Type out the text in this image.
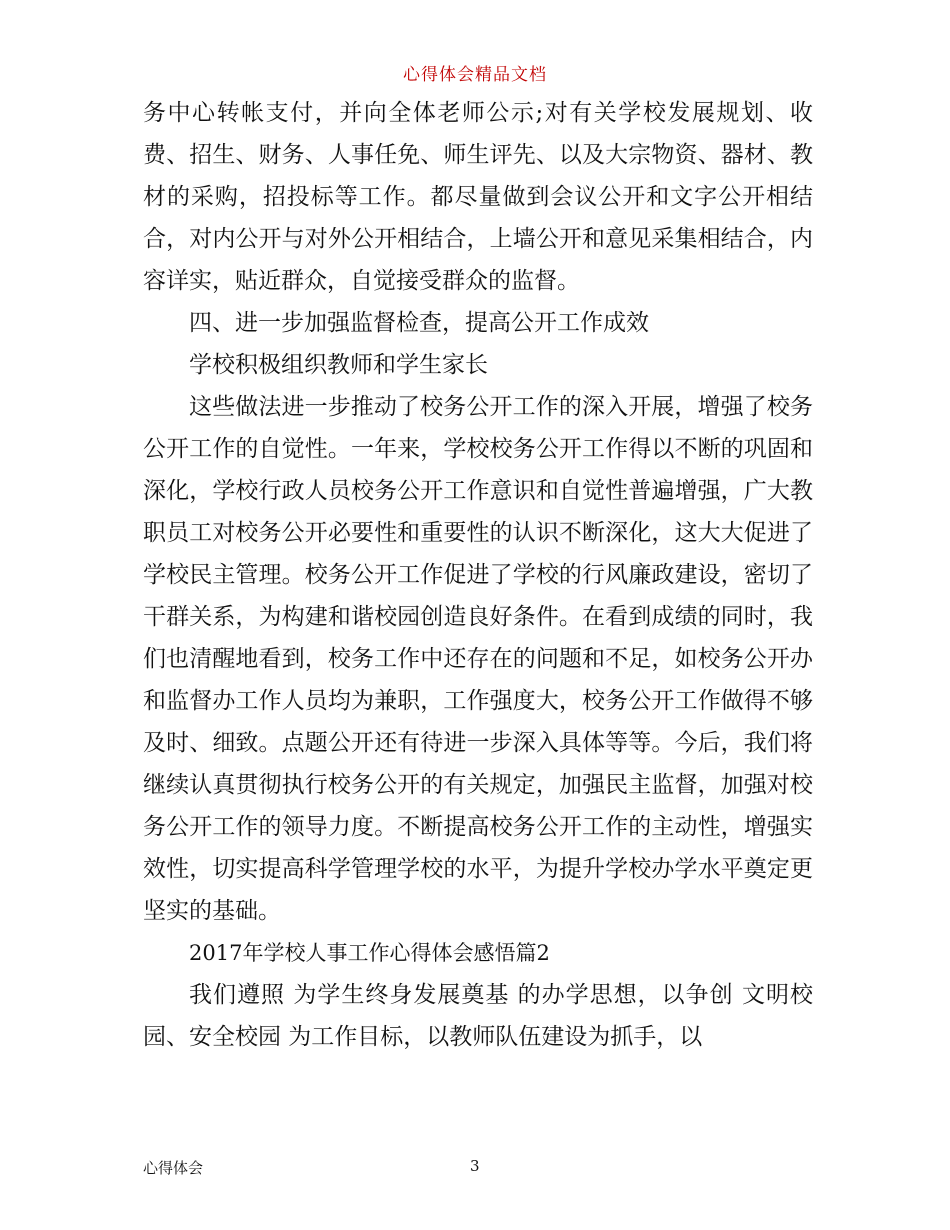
心得体会精品文档

务中心转帐支付，并向全体老师公示;对有关学校发展规划、收费、招生、财务、人事任免、师生评先、以及大宗物资、器材、教材的采购，招投标等工作。都尽量做到会议公开和文字公开相结合，对内公开与对外公开相结合，上墙公开和意见采集相结合，内容详实，贴近群众，自觉接受群众的监督。

四、进一步加强监督检查，提高公开工作成效

学校积极组织教师和学生家长

这些做法进一步推动了校务公开工作的深入开展，增强了校务公开工作的自觉性。一年来，学校校务公开工作得以不断的巩固和深化，学校行政人员校务公开工作意识和自觉性普遍增强，广大教职员工对校务公开必要性和重要性的认识不断深化，这大大促进了学校民主管理。校务公开工作促进了学校的行风廉政建设，密切了干群关系，为构建和谐校园创造良好条件。在看到成绩的同时，我们也清醒地看到，校务工作中还存在的问题和不足，如校务公开办和监督办工作人员均为兼职，工作强度大，校务公开工作做得不够及时、细致。点题公开还有待进一步深入具体等等。今后，我们将继续认真贯彻执行校务公开的有关规定，加强民主监督，加强对校务公开工作的领导力度。不断提高校务公开工作的主动性，增强实效性，切实提高科学管理学校的水平，为提升学校办学水平奠定更坚实的基础。

2017年学校人事工作心得体会感悟篇2

我们遵照 为学生终身发展奠基 的办学思想，以争创 文明校园、安全校园 为工作目标，以教师队伍建设为抓手，以

心得体会	3
